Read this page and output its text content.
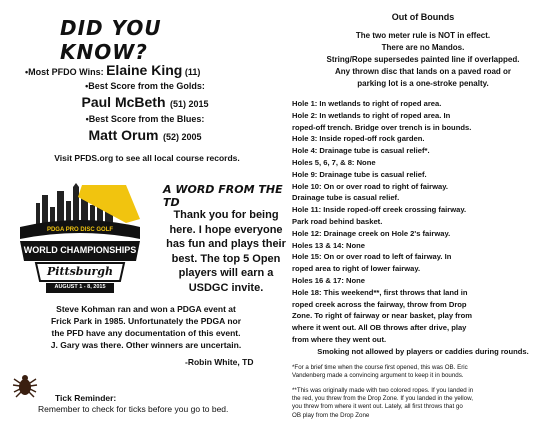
DID YOU KNOW?
•Most PFDO Wins: Elaine King (11)
•Best Score from the Golds:
Paul McBeth (51) 2015
•Best Score from the Blues:
Matt Orum (52) 2005
Visit PFDS.org to see all local course records.
PDGA PRO DISC GOLF
WORLD CHAMPIONSHIPS
Pittsburgh
AUGUST 1 - 8, 2015
A WORD FROM THE TD
Thank you for being
here. I hope everyone
has fun and plays their
best. The top 5 Open
players will earn a
USDGC invite.
Steve Kohman ran and won a PDGA event at
Frick Park in 1985. Unfortunately the PDGA nor
the PFD have any documentation of this event.
J. Gary was there. Other winners are uncertain.
-Robin White, TD
Tick Reminder:
Remember to check for ticks before you go to bed.
Out of Bounds
The two meter rule is NOT in effect.
There are no Mandos.
String/Rope supersedes painted line if overlapped.
Any thrown disc that lands on a paved road or
parking lot is a one-stroke penalty.
Hole 1: In wetlands to right of roped area.
Hole 2: In wetlands to right of roped area. In
roped-off trench. Bridge over trench is in bounds.
Hole 3: Inside roped-off rock garden.
Hole 4: Drainage tube is casual relief*.
Holes 5, 6, 7, & 8: None
Hole 9: Drainage tube is casual relief.
Hole 10: On or over road to right of fairway.
Drainage tube is casual relief.
Hole 11: Inside roped-off creek crossing fairway.
Park road behind basket.
Hole 12: Drainage creek on Hole 2's fairway.
Holes 13 & 14: None
Hole 15: On or over road to left of fairway. In
roped area to right of lower fairway.
Holes 16 & 17: None
Hole 18: This weekend**, first throws that land in
roped creek across the fairway, throw from Drop
Zone. To right of fairway or near basket, play from
where it went out. All OB throws after drive, play
from where they went out.
Smoking not allowed by players or caddies during rounds.
*For a brief time when the course first opened, this was OB. Eric
Vandenberg made a convincing argument to keep it in bounds.
**This was originally made with two colored ropes. If you landed in
the red, you threw from the Drop Zone. If you landed in the yellow,
you threw from where it went out. Lately, all first throws that go
OB play from the Drop Zone
